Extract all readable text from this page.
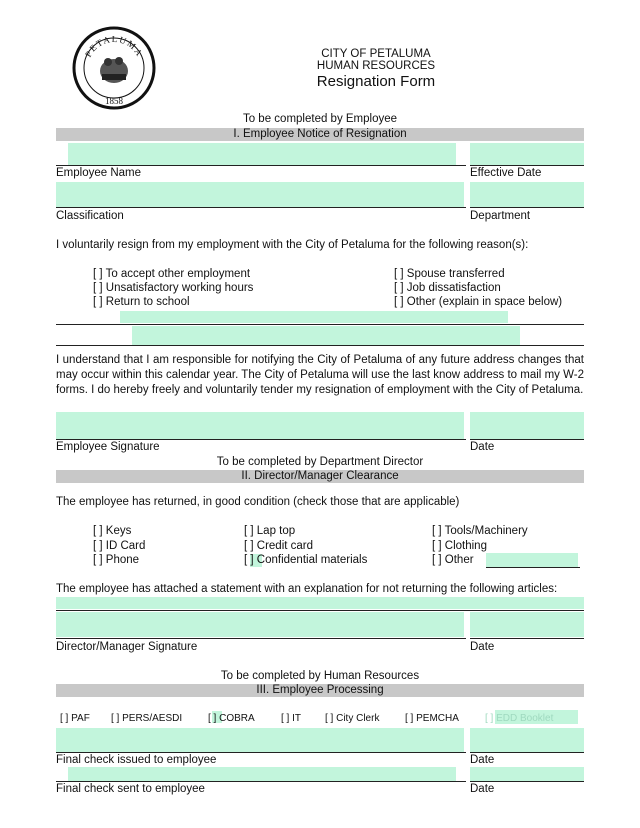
PETALUMA
1858
CITY OF PETALUMA
HUMAN RESOURCES
Resignation Form
To be completed by Employee
I. Employee Notice of Resignation
Employee Name	Effective Date
Classification	Department
I voluntarily resign from my employment with the City of Petaluma for the following reason(s):
[ ] To accept other employment
[ ] Unsatisfactory working hours
[ ] Return to school
[ ] Spouse transferred
[ ] Job dissatisfaction
[ ] Other (explain in space below)
I understand that I am responsible for notifying the City of Petaluma of any future address changes that may occur within this calendar year. The City of Petaluma will use the last know address to mail my W-2 forms. I do hereby freely and voluntarily tender my resignation of employment with the City of Petaluma.
Employee Signature	Date
To be completed by Department Director
II. Director/Manager Clearance
The employee has returned, in good condition (check those that are applicable)
[ ] Keys
[ ] ID Card
[ ] Phone
[ ] Lap top
[ ] Credit card
[ ] Confidential materials
[ ] Tools/Machinery
[ ] Clothing
[ ] Other
The employee has attached a statement with an explanation for not returning the following articles:
Director/Manager Signature	Date
To be completed by Human Resources
III. Employee Processing
[ ] PAF [ ] PERS/AESDI	[ ] COBRA	[ ] IT [ ] City Clerk	[ ] PEMCHA	[ ] EDD Booklet
Final check issued to employee	Date
Final check sent to employee	Date
